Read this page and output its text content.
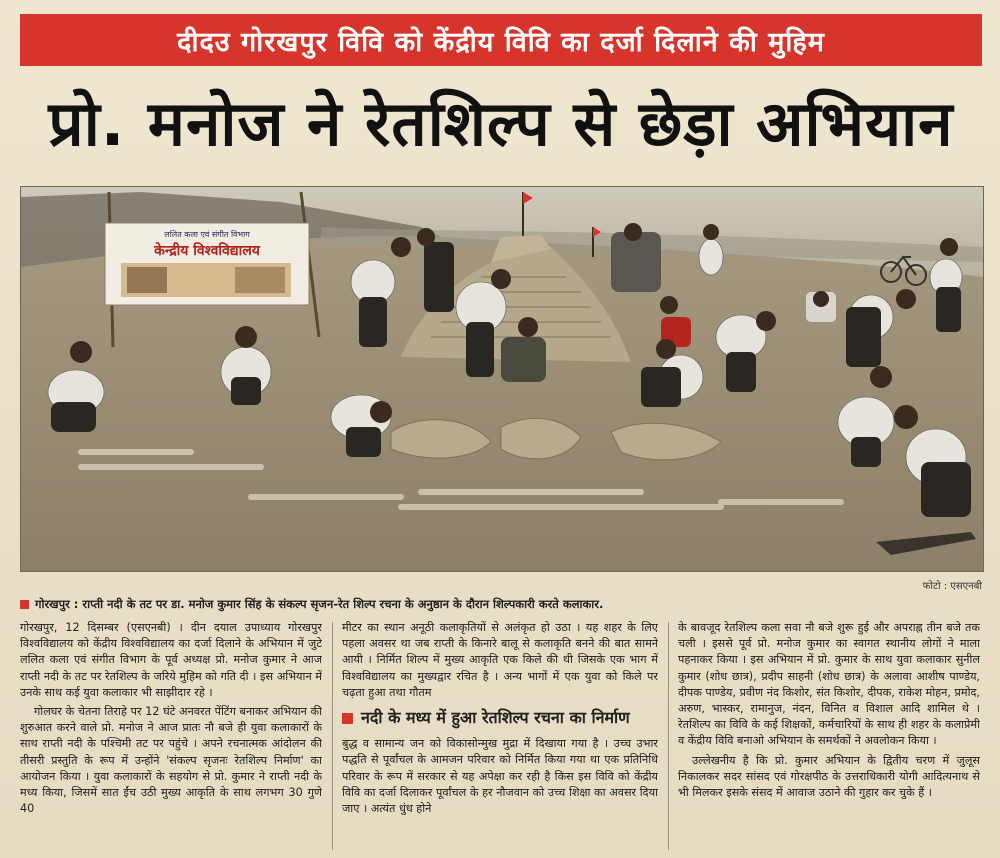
दीदउ गोरखपुर विवि को केंद्रीय विवि का दर्जा दिलाने की मुहिम
प्रो. मनोज ने रेतशिल्प से छेड़ा अभियान
ललित कला एवं संगीत विभाग
केन्द्रीय विश्वविद्यालय
फोटो : एसएनबी
गोरखपुर : राप्ती नदी के तट पर डा. मनोज कुमार सिंह के संकल्प सृजन-रेत शिल्प रचना के अनुष्ठान के दौरान शिल्पकारी करते कलाकार.

गोरखपुर, 12 दिसम्बर (एसएनबी) । दीन दयाल उपाध्याय गोरखपुर विश्वविद्यालय को केंद्रीय विश्वविद्यालय का दर्जा दिलाने के अभियान में जुटे ललित कला एवं संगीत विभाग के पूर्व अध्यक्ष प्रो. मनोज कुमार ने आज राप्ती नदी के तट पर रेतशिल्प के जरिये मुहिम को गति दी । इस अभियान में उनके साथ कई युवा कलाकार भी साझीदार रहे ।

गोलघर के चेतना तिराहे पर 12 घंटे अनवरत पेंटिंग बनाकर अभियान की शुरुआत करने वाले प्रो. मनोज ने आज प्रातः नौ बजे ही युवा कलाकारों के साथ राप्ती नदी के पश्चिमी तट पर पहुंचे । अपने रचनात्मक आंदोलन की तीसरी प्रस्तुति के रूप में उन्होंने 'संकल्प सृजनः रेतशिल्प निर्माण' का आयोजन किया । युवा कलाकारों के सहयोग से प्रो. कुमार ने राप्ती नदी के मध्य किया, जिसमें सात ईंच उठी मुख्य आकृति के साथ लगभग 30 गुणे 40

मीटर का स्थान अनूठी कलाकृतियों से अलंकृत हो उठा । यह शहर के लिए पहला अवसर था जब राप्ती के किनारे बालू से कलाकृति बनने की बात सामने आयी । निर्मित शिल्प में मुख्य आकृति एक किले की थी जिसके एक भाग में विश्वविद्यालय का मुख्यद्वार रचित है । अन्य भागों में एक युवा को किले पर चढ़ता हुआ तथा गौतम

नदी के मध्य में हुआ रेतशिल्प रचना का निर्माण

बुद्ध व सामान्य जन को विकासोन्मुख मुद्रा में दिखाया गया है । उच्च उभार पद्धति से पूर्वांचल के आमजन परिवार को निर्मित किया गया था एक प्रतिनिधि परिवार के रूप में सरकार से यह अपेक्षा कर रही है किस इस विवि को केंद्रीय विवि का दर्जा दिलाकर पूर्वांचल के हर नौजवान को उच्च शिक्षा का अवसर दिया जाए । अत्यंत धुंध होने

के बावजूद रेतशिल्प कला सवा नौ बजे शुरू हुई और अपराह्न तीन बजे तक चली । इससे पूर्व प्रो. मनोज कुमार का स्वागत स्थानीय लोगों ने माला पहनाकर किया । इस अभियान में प्रो. कुमार के साथ युवा कलाकार सुनील कुमार (शोध छात्र), प्रदीप साहनी (शोध छात्र) के अलावा आशीष पाण्डेय, दीपक पाण्डेय, प्रवीण नंद किशोर, संत किशोर, दीपक, राकेश मोहन, प्रमोद, अरुण, भास्कर, रामानुज, नंदन, विनित व विशाल आदि शामिल थे । रेतशिल्प का विवि के कई शिक्षकों, कर्मचारियों के साथ ही शहर के कलाप्रेमी व केंद्रीय विवि बनाओ अभियान के समर्थकों ने अवलोकन किया ।

उल्लेखनीय है कि प्रो. कुमार अभियान के द्वितीय चरण में जुलूस निकालकर सदर सांसद एवं गोरक्षपीठ के उत्तराधिकारी योगी आदित्यनाथ से भी मिलकर इसके संसद में आवाज उठाने की गुहार कर चुके हैं ।
